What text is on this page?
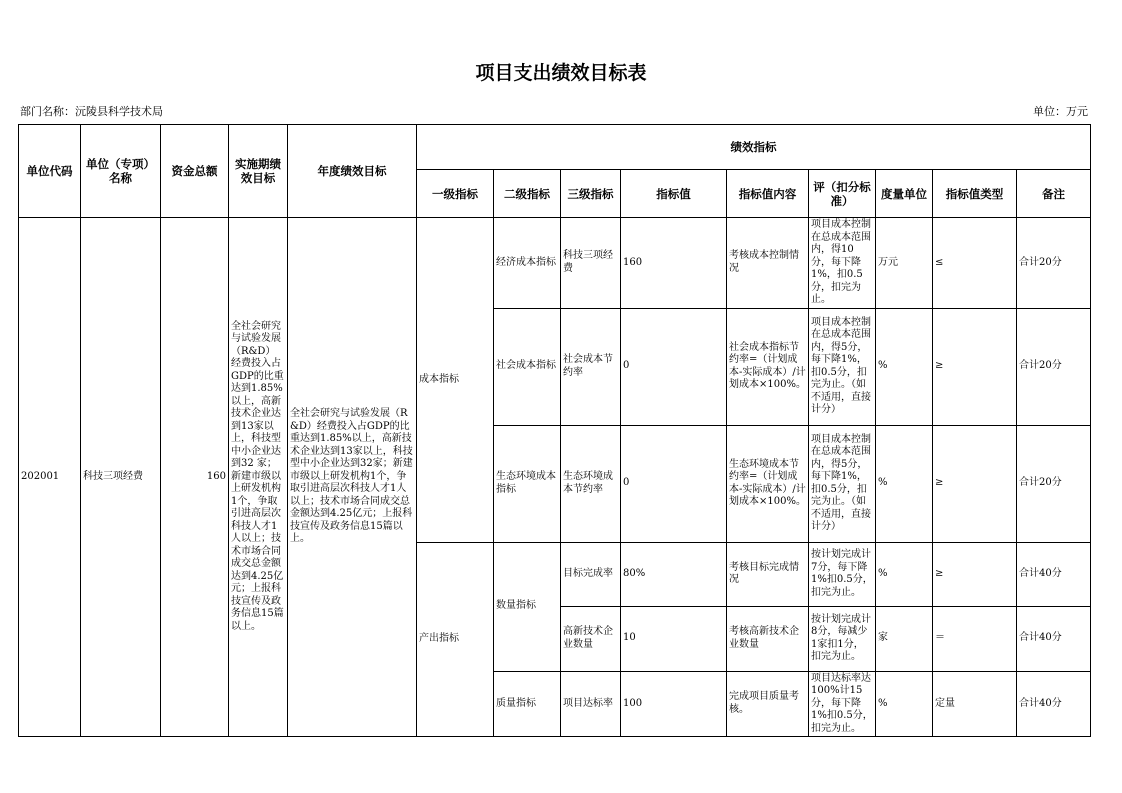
项目支出绩效目标表
部门名称：沅陵县科学技术局	单位：万元
单位代码	单位（专项）名称	资金总额	实施期绩效目标	年度绩效目标	绩效指标								
					一级指标	二级指标	三级指标	指标值	指标值内容	评（扣分标准）	度量单位	指标值类型	备注
202001	科技三项经费	160	全社会研究与试验发展（R&D）经费投入占GDP的比重达到1.85%以上，高新技术企业达到13家以上，科技型中小企业达到32 家；新建市级以上研发机构1个，争取引进高层次科技人才1人以上；技术市场合同成交总金额达到4.25亿元；上报科技宣传及政务信息15篇以上。	全社会研究与试验发展（R&D）经费投入占GDP的比重达到1.85%以上，高新技术企业达到13家以上，科技型中小企业达到32家；新建市级以上研发机构1个，争取引进高层次科技人才1人以上；技术市场合同成交总金额达到4.25亿元；上报科技宣传及政务信息15篇以上。	成本指标	经济成本指标	科技三项经费	160	考核成本控制情况	项目成本控制在总成本范围内，得10分，每下降1%，扣0.5分，扣完为止。	万元	≤	合计20分
						社会成本指标	社会成本节约率	0	社会成本指标节约率=（计划成本-实际成本）/计划成本×100%。	项目成本控制在总成本范围内，得5分，每下降1%，扣0.5分，扣完为止。（如不适用，直接计分）	%	≥	合计20分
						生态环境成本指标	生态环境成本节约率	0	生态环境成本节约率=（计划成本-实际成本）/计划成本×100%。	项目成本控制在总成本范围内，得5分，每下降1%，扣0.5分，扣完为止。（如不适用，直接计分）	%	≥	合计20分
					产出指标	数量指标	目标完成率	80%	考核目标完成情况	按计划完成计7分，每下降1%扣0.5分，扣完为止。	%	≥	合计40分
							高新技术企业数量	10	考核高新技术企业数量	按计划完成计8分，每减少1家扣1分，扣完为止。	家	＝	合计40分
						质量指标	项目达标率	100	完成项目质量考核。	项目达标率达100%计15分，每下降1%扣0.5分，扣完为止。	%	定量	合计40分
